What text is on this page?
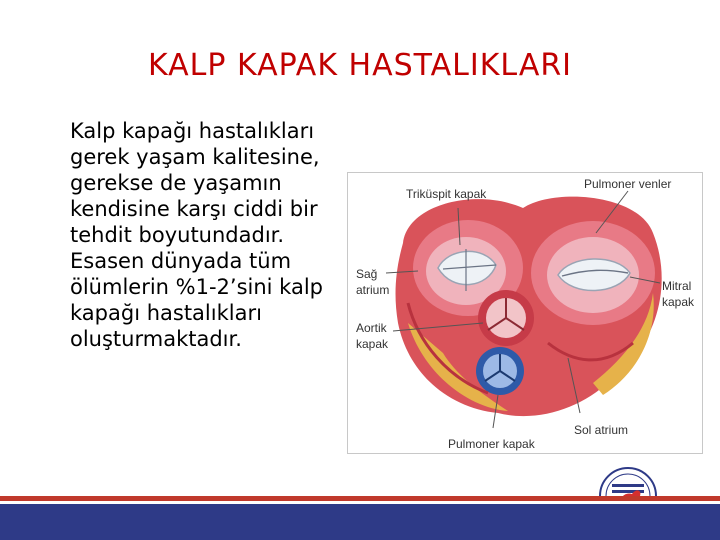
KALP KAPAK HASTALIKLARI

Kalp kapağı hastalıkları gerek yaşam kalitesine, gerekse de yaşamın kendisine karşı ciddi bir tehdit boyutundadır. Esasen dünyada tüm ölümlerin %1-2’sini kalp kapağı hastalıkları oluşturmaktadır.

Triküspit kapak
Pulmoner venler
Sağ
atrium
Aortik
kapak
Mitral
kapak
Sol atrium
Pulmoner kapak
